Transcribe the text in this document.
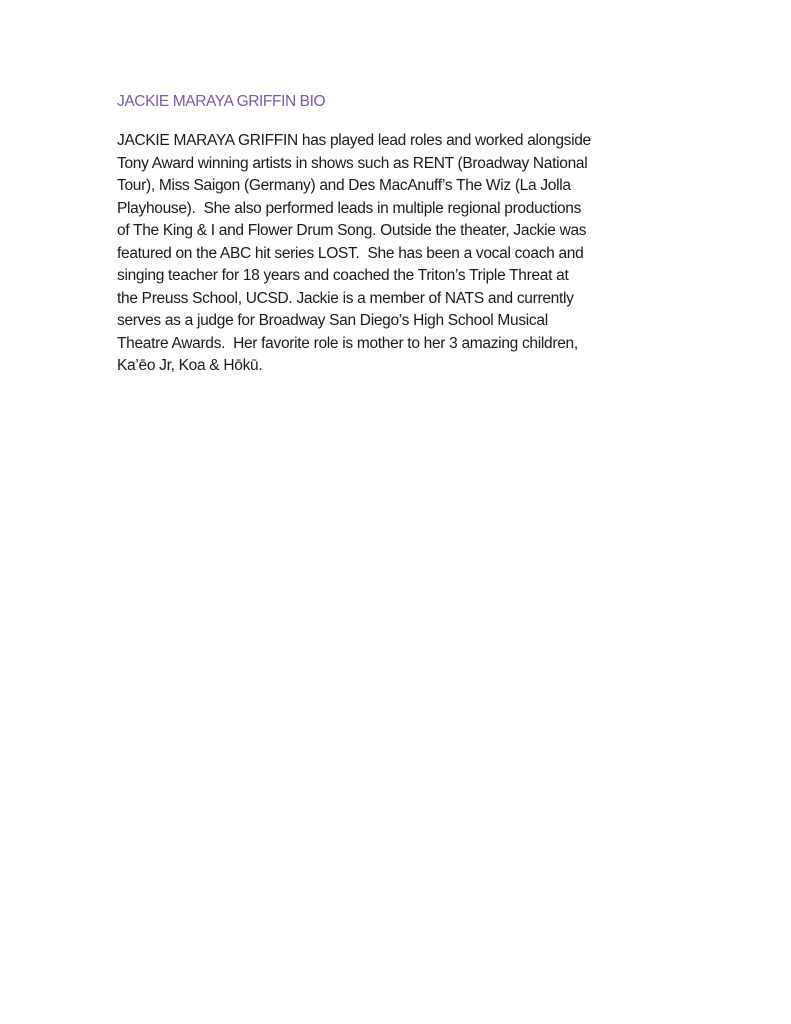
JACKIE MARAYA GRIFFIN BIO

JACKIE MARAYA GRIFFIN has played lead roles and worked alongside
Tony Award winning artists in shows such as RENT (Broadway National
Tour), Miss Saigon (Germany) and Des MacAnuff’s The Wiz (La Jolla
Playhouse).  She also performed leads in multiple regional productions
of The King & I and Flower Drum Song. Outside the theater, Jackie was
featured on the ABC hit series LOST.  She has been a vocal coach and
singing teacher for 18 years and coached the Triton’s Triple Threat at
the Preuss School, UCSD. Jackie is a member of NATS and currently
serves as a judge for Broadway San Diego’s High School Musical
Theatre Awards.  Her favorite role is mother to her 3 amazing children,
Ka’ēo Jr, Koa & Hōkū.
